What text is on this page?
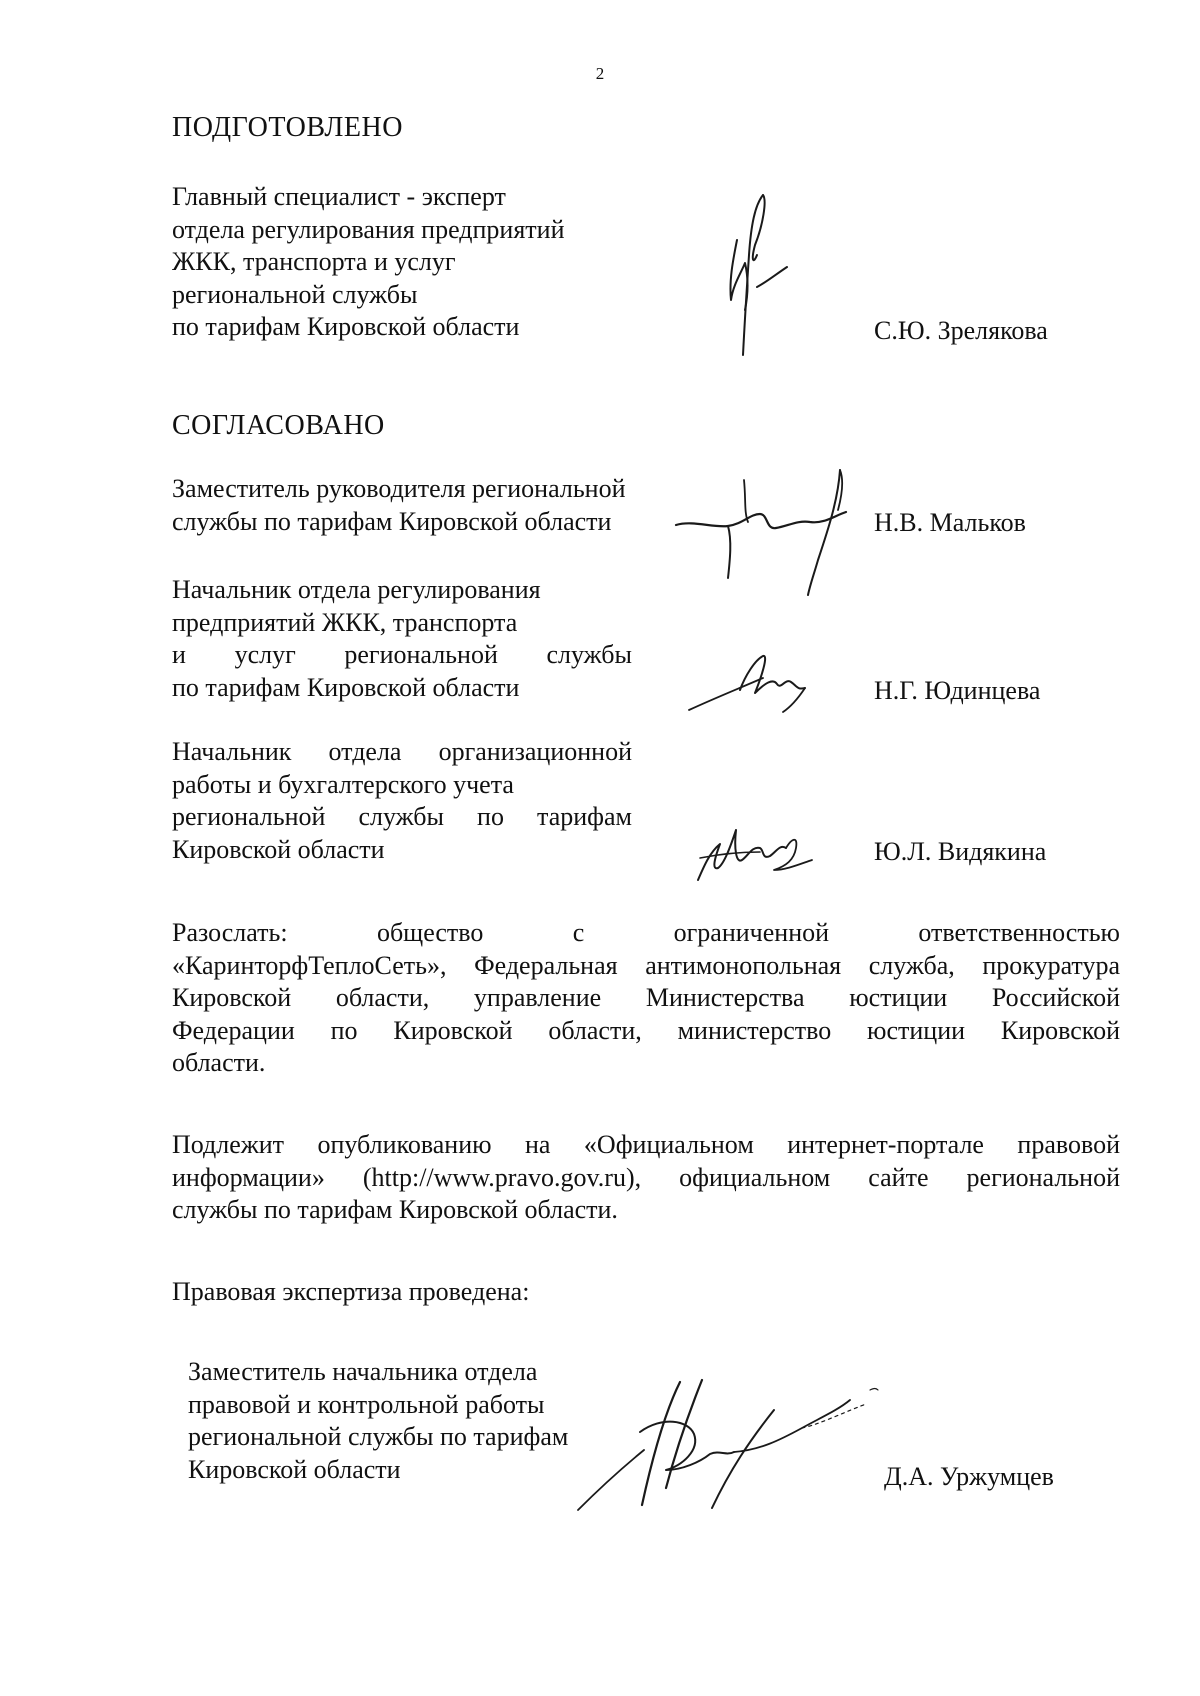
2
ПОДГОТОВЛЕНО
Главный специалист - эксперт
отдела регулирования предприятий
ЖКК, транспорта и услуг
региональной службы
по тарифам Кировской области	С.Ю. Зрелякова
СОГЛАСОВАНО
Заместитель руководителя региональной
службы по тарифам Кировской области	Н.В. Мальков
Начальник отдела регулирования
предприятий ЖКК, транспорта
и услуг региональной службы
по тарифам Кировской области	Н.Г. Юдинцева
Начальник отдела организационной
работы и бухгалтерского учета
региональной службы по тарифам
Кировской области	Ю.Л. Видякина
Разослать: общество с ограниченной ответственностью
«КаринторфТеплоСеть», Федеральная антимонопольная служба, прокуратура
Кировской области, управление Министерства юстиции Российской
Федерации по Кировской области, министерство юстиции Кировской
области.
Подлежит опубликованию на «Официальном интернет-портале правовой
информации» (http://www.pravo.gov.ru), официальном сайте региональной
службы по тарифам Кировской области.
Правовая экспертиза проведена:
Заместитель начальника отдела
правовой и контрольной работы
региональной службы по тарифам
Кировской области	Д.А. Уржумцев
